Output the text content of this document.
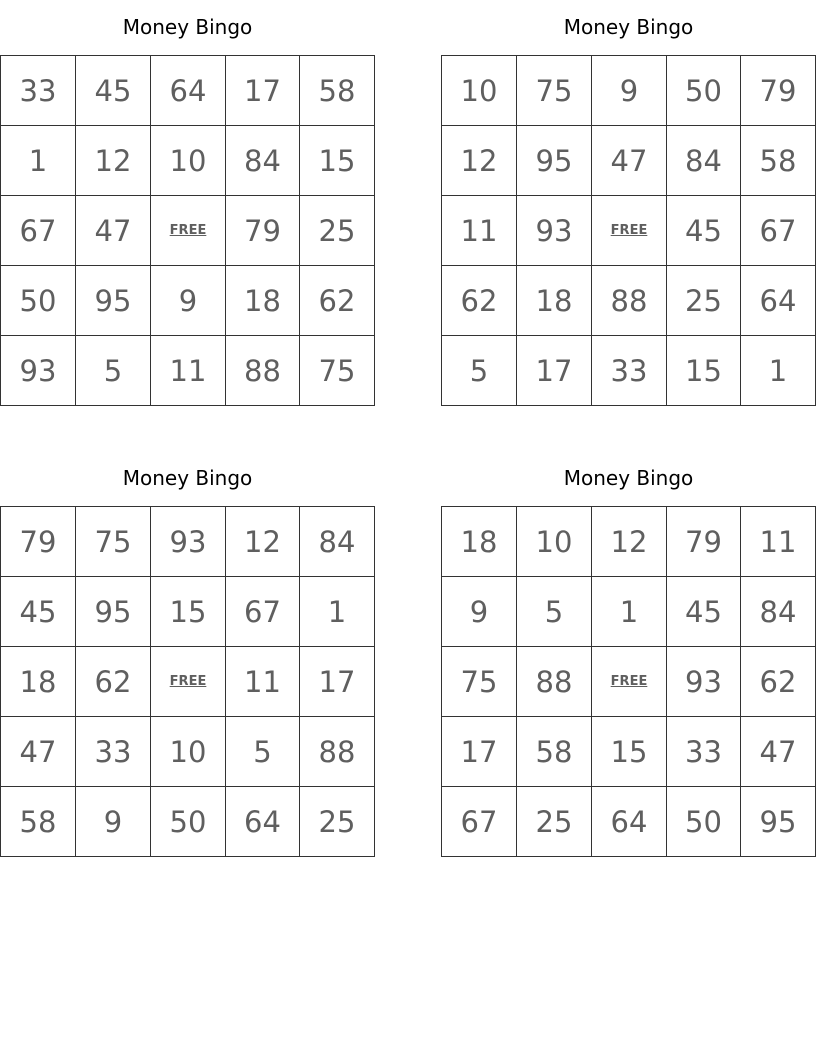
Money Bingo
33	45	64	17	58
1	12	10	84	15
67	47	FREE	79	25
50	95	9	18	62
93	5	11	88	75
Money Bingo
10	75	9	50	79
12	95	47	84	58
11	93	FREE	45	67
62	18	88	25	64
5	17	33	15	1
Money Bingo
79	75	93	12	84
45	95	15	67	1
18	62	FREE	11	17
47	33	10	5	88
58	9	50	64	25
Money Bingo
18	10	12	79	11
9	5	1	45	84
75	88	FREE	93	62
17	58	15	33	47
67	25	64	50	95
